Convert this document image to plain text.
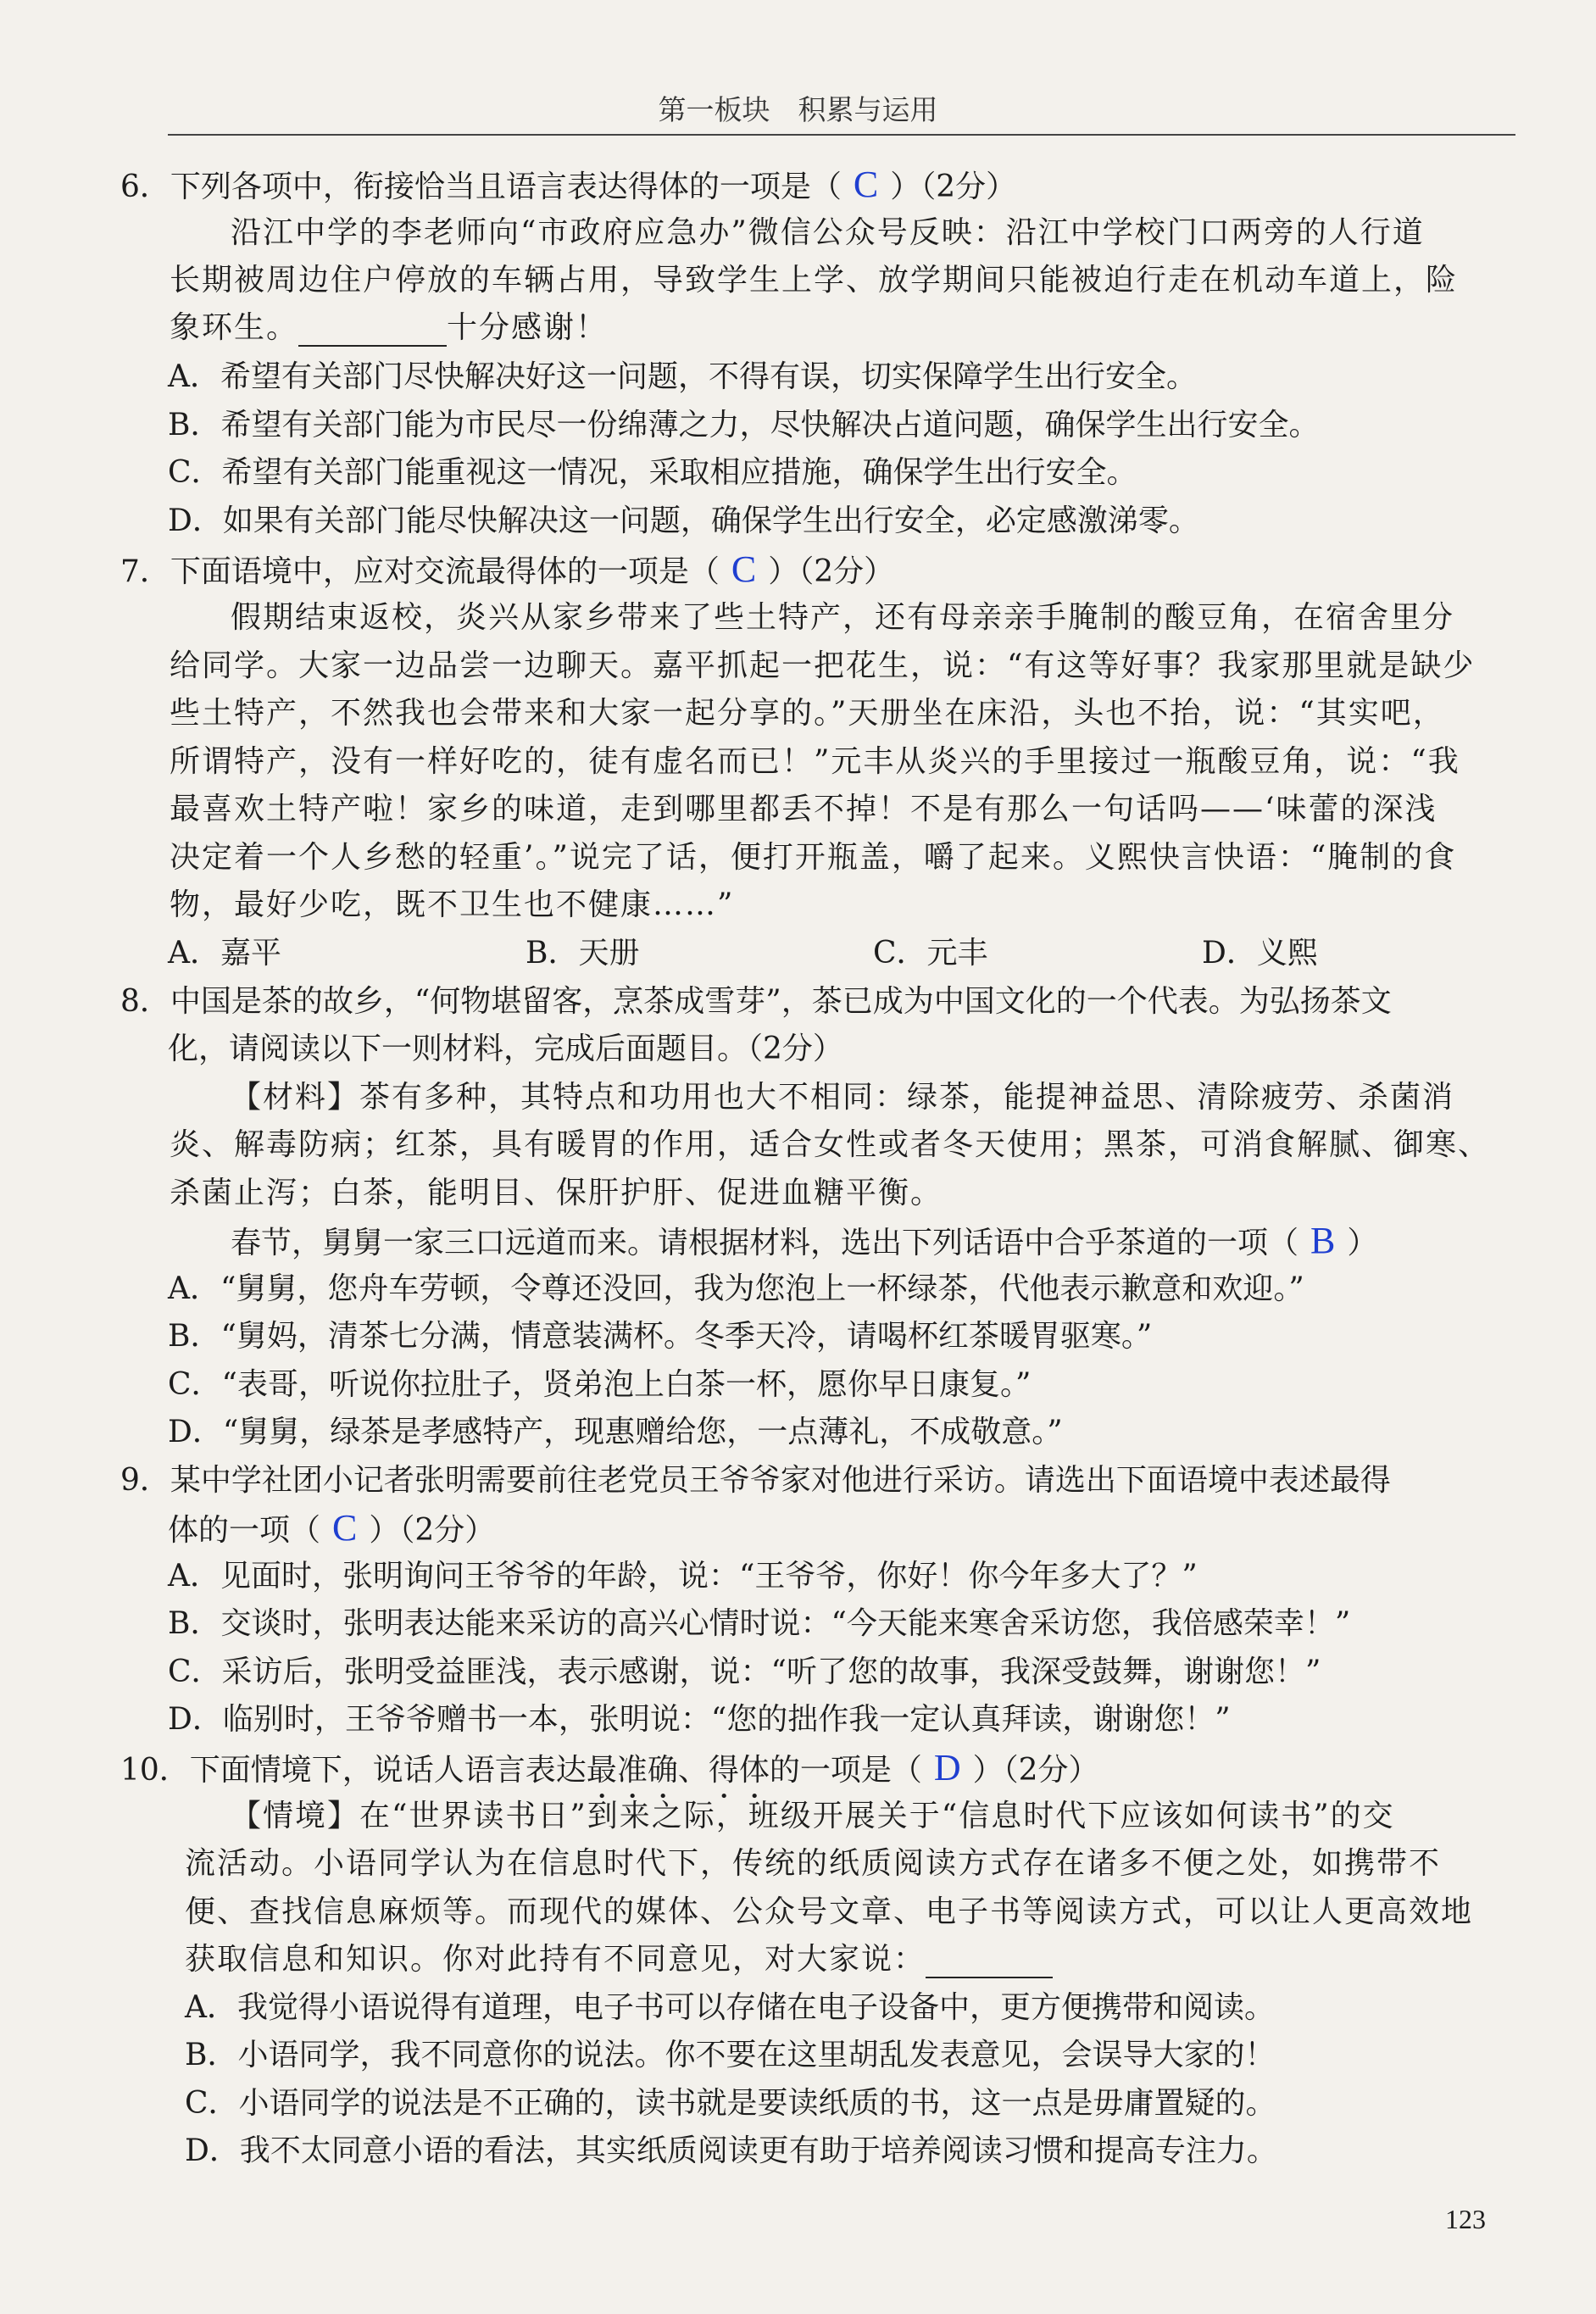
第一板块　积累与运用
6．下列各项中，衔接恰当且语言表达得体的一项是（ C ）（2分）
沿江中学的李老师向“市政府应急办”微信公众号反映：沿江中学校门口两旁的人行道
长期被周边住户停放的车辆占用，导致学生上学、放学期间只能被迫行走在机动车道上，险
象环生。	十分感谢！
A．希望有关部门尽快解决好这一问题，不得有误，切实保障学生出行安全。
B．希望有关部门能为市民尽一份绵薄之力，尽快解决占道问题，确保学生出行安全。
C．希望有关部门能重视这一情况，采取相应措施，确保学生出行安全。
D．如果有关部门能尽快解决这一问题，确保学生出行安全，必定感激涕零。
7．下面语境中，应对交流最得体的一项是（ C ）（2分）
假期结束返校，炎兴从家乡带来了些土特产，还有母亲亲手腌制的酸豆角，在宿舍里分
给同学。大家一边品尝一边聊天。嘉平抓起一把花生，说：“有这等好事？我家那里就是缺少
些土特产，不然我也会带来和大家一起分享的。”天册坐在床沿，头也不抬，说：“其实吧，
所谓特产，没有一样好吃的，徒有虚名而已！”元丰从炎兴的手里接过一瓶酸豆角，说：“我
最喜欢土特产啦！家乡的味道，走到哪里都丢不掉！不是有那么一句话吗——‘味蕾的深浅
决定着一个人乡愁的轻重’。”说完了话，便打开瓶盖，嚼了起来。义熙快言快语：“腌制的食
物，最好少吃，既不卫生也不健康……”
A．嘉平	B．天册	C．元丰	D．义熙
8．中国是茶的故乡，“何物堪留客，烹茶成雪芽”，茶已成为中国文化的一个代表。为弘扬茶文
化，请阅读以下一则材料，完成后面题目。（2分）
【材料】茶有多种，其特点和功用也大不相同：绿茶，能提神益思、清除疲劳、杀菌消
炎、解毒防病；红茶，具有暖胃的作用，适合女性或者冬天使用；黑茶，可消食解腻、御寒、
杀菌止泻；白茶，能明目、保肝护肝、促进血糖平衡。
春节，舅舅一家三口远道而来。请根据材料，选出下列话语中合乎茶道的一项（ B ）
A．“舅舅，您舟车劳顿，令尊还没回，我为您泡上一杯绿茶，代他表示歉意和欢迎。”
B．“舅妈，清茶七分满，情意装满杯。冬季天冷，请喝杯红茶暖胃驱寒。”
C．“表哥，听说你拉肚子，贤弟泡上白茶一杯，愿你早日康复。”
D．“舅舅，绿茶是孝感特产，现惠赠给您，一点薄礼，不成敬意。”
9．某中学社团小记者张明需要前往老党员王爷爷家对他进行采访。请选出下面语境中表述最得
体的一项（ C ）（2分）
A．见面时，张明询问王爷爷的年龄，说：“王爷爷，你好！你今年多大了？”
B．交谈时，张明表达能来采访的高兴心情时说：“今天能来寒舍采访您，我倍感荣幸！”
C．采访后，张明受益匪浅，表示感谢，说：“听了您的故事，我深受鼓舞，谢谢您！”
D．临别时，王爷爷赠书一本，张明说：“您的拙作我一定认真拜读，谢谢您！”
10．下面情境下，说话人语言表达最准确、得体的一项是（ D ）（2分）
【情境】在“世界读书日”到来之际，班级开展关于“信息时代下应该如何读书”的交
流活动。小语同学认为在信息时代下，传统的纸质阅读方式存在诸多不便之处，如携带不
便、查找信息麻烦等。而现代的媒体、公众号文章、电子书等阅读方式，可以让人更高效地
获取信息和知识。你对此持有不同意见，对大家说：
A．我觉得小语说得有道理，电子书可以存储在电子设备中，更方便携带和阅读。
B．小语同学，我不同意你的说法。你不要在这里胡乱发表意见，会误导大家的！
C．小语同学的说法是不正确的，读书就是要读纸质的书，这一点是毋庸置疑的。
D．我不太同意小语的看法，其实纸质阅读更有助于培养阅读习惯和提高专注力。
123
